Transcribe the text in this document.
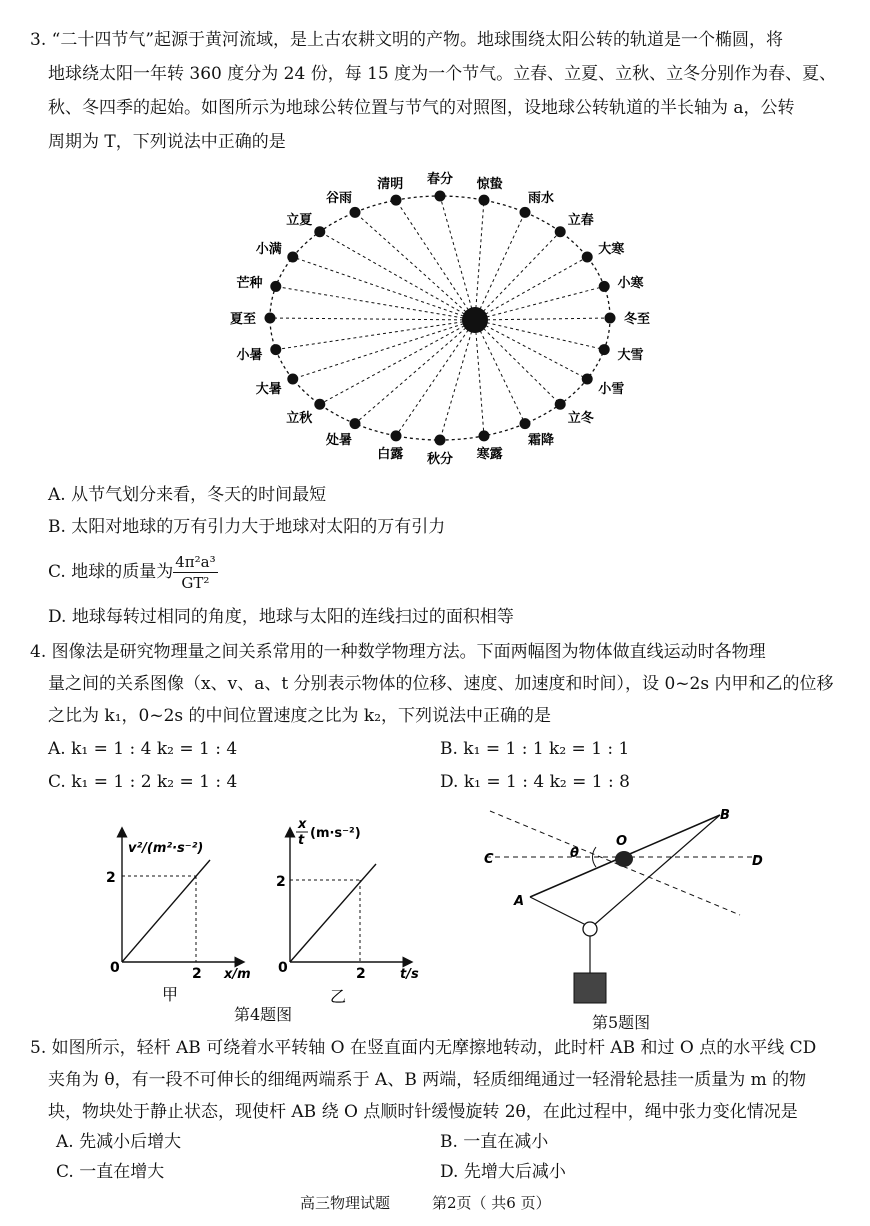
3. “二十四节气”起源于黄河流域，是上古农耕文明的产物。地球围绕太阳公转的轨道是一个椭圆，将
地球绕太阳一年转 360 度分为 24 份，每 15 度为一个节气。立春、立夏、立秋、立冬分别作为春、夏、
秋、冬四季的起始。如图所示为地球公转位置与节气的对照图，设地球公转轨道的半长轴为 a，公转
周期为 T，下列说法中正确的是
冬至
小寒
大寒
立春
雨水
惊蛰
春分
清明
谷雨
立夏
小满
芒种
夏至
小暑
大暑
立秋
处暑
白露 秋分 寒露
霜降
立冬
小雪
大雪
A. 从节气划分来看，冬天的时间最短
B. 太阳对地球的万有引力大于地球对太阳的万有引力
C. 地球的质量为 $\frac{\text{4π²a³}}{\text{GT²}}$
D. 地球每转过相同的角度，地球与太阳的连线扫过的面积相等
4. 图像法是研究物理量之间关系常用的一种数学物理方法。下面两幅图为物体做直线运动时各物理
量之间的关系图像（x、v、a、t 分别表示物体的位移、速度、加速度和时间），设 0~2s 内甲和乙的位移
之比为 k₁，0~2s 的中间位置速度之比为 k₂，下列说法中正确的是
A. k₁ = 1 : 4 k₂ = 1 : 4	B. k₁ = 1 : 1 k₂ = 1 : 1
C. k₁ = 1 : 2 k₂ = 1 : 4	D. k₁ = 1 : 4 k₂ = 1 : 8
v²/(m²·s⁻²)
2
2
0	x/m
甲
x
t (m·s⁻²)
2
2
0	t/s
乙
第4题图
θ
O
C	D
A
B
第5题图
5. 如图所示，轻杆 AB 可绕着水平转轴 O 在竖直面内无摩擦地转动，此时杆 AB 和过 O 点的水平线 CD
夹角为 θ，有一段不可伸长的细绳两端系于 A、B 两端，轻质细绳通过一轻滑轮悬挂一质量为 m 的物
块，物块处于静止状态，现使杆 AB 绕 O 点顺时针缓慢旋转 2θ，在此过程中，绳中张力变化情况是
A. 先减小后增大	B. 一直在减小
C. 一直在增大	D. 先增大后减小
高三物理试题	第2页（ 共6 页）
